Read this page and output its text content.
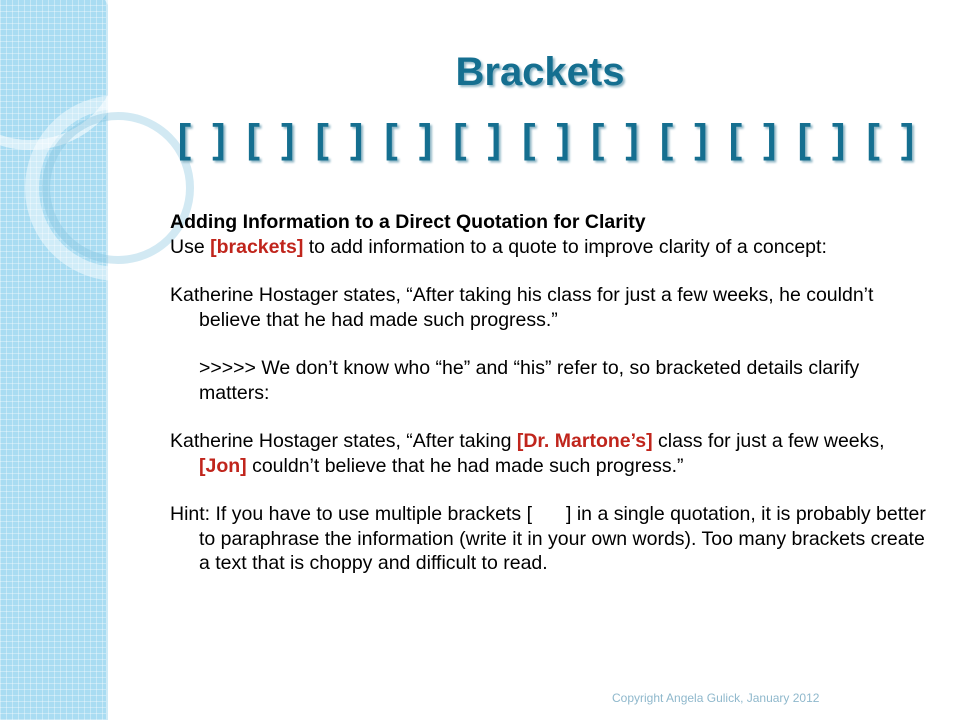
Brackets
[ ] [ ] [ ] [ ] [ ] [ ] [ ] [ ] [ ] [ ] [ ]

Adding Information to a Direct Quotation for Clarity

Use [brackets] to add information to a quote to improve clarity of a concept:

Katherine Hostager states, “After taking his class for just a few weeks, he couldn’t believe that he had made such progress.”

>>>>> We don’t know who “he” and “his” refer to, so bracketed details clarify matters:

Katherine Hostager states, “After taking [Dr. Martone’s] class for just a few weeks, [Jon] couldn’t believe that he had made such progress.”

Hint: If you have to use multiple brackets [ ] in a single quotation, it is probably better to paraphrase the information (write it in your own words). Too many brackets create a text that is choppy and difficult to read.

Copyright Angela Gulick, January 2012
